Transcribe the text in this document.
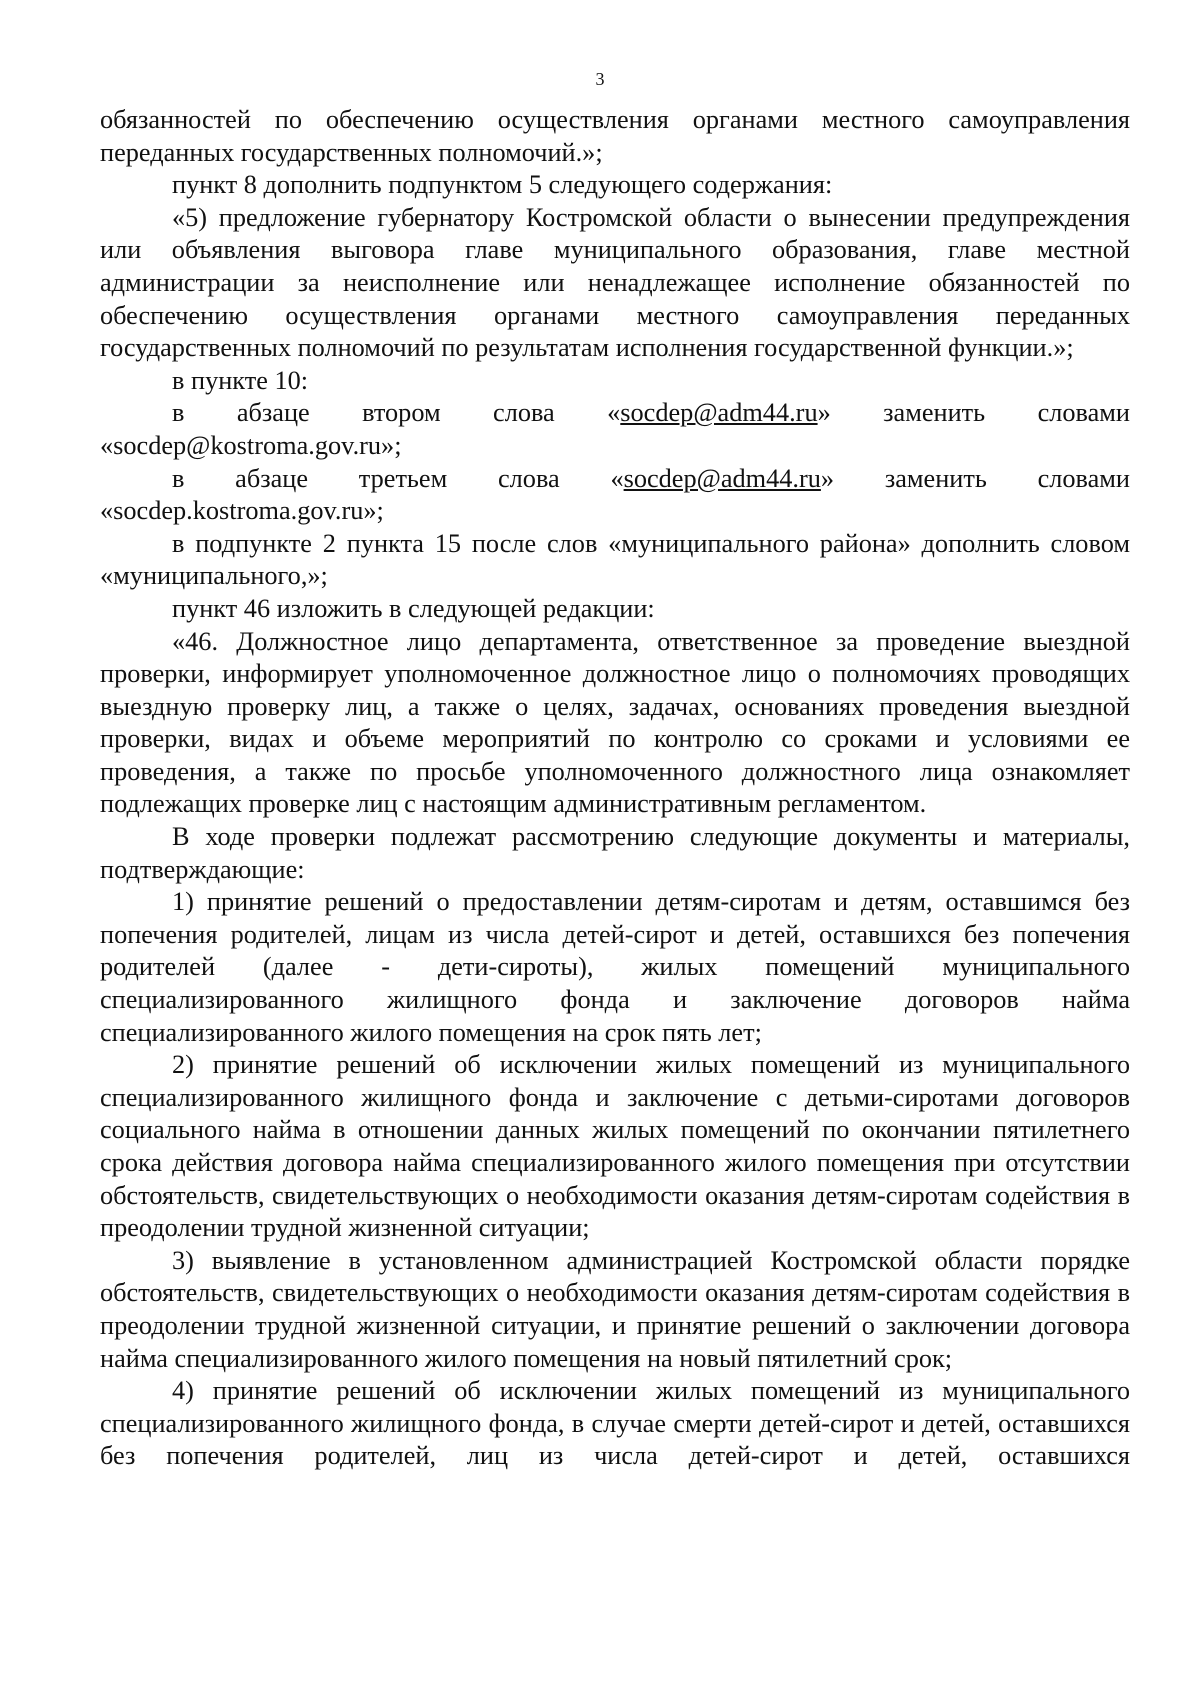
3

обязанностей по обеспечению осуществления органами местного самоуправления переданных государственных полномочий.»;

пункт 8 дополнить подпунктом 5 следующего содержания:

«5) предложение губернатору Костромской области о вынесении предупреждения или объявления выговора главе муниципального образования, главе местной администрации за неисполнение или ненадлежащее исполнение обязанностей по обеспечению осуществления органами местного самоуправления переданных государственных полномочий по результатам исполнения государственной функции.»;

в пункте 10:

в абзаце втором слова «socdep@adm44.ru» заменить словами «socdep@kostroma.gov.ru»;

в абзаце третьем слова «socdep@adm44.ru» заменить словами «socdep.kostroma.gov.ru»;

в подпункте 2 пункта 15 после слов «муниципального района» дополнить словом «муниципального,»;

пункт 46 изложить в следующей редакции:

«46. Должностное лицо департамента, ответственное за проведение выездной проверки, информирует уполномоченное должностное лицо о полномочиях проводящих выездную проверку лиц, а также о целях, задачах, основаниях проведения выездной проверки, видах и объеме мероприятий по контролю со сроками и условиями ее проведения, а также по просьбе уполномоченного должностного лица ознакомляет подлежащих проверке лиц с настоящим административным регламентом.

В ходе проверки подлежат рассмотрению следующие документы и материалы, подтверждающие:

1) принятие решений о предоставлении детям-сиротам и детям, оставшимся без попечения родителей, лицам из числа детей-сирот и детей, оставшихся без попечения родителей (далее - дети-сироты), жилых помещений муниципального специализированного жилищного фонда и заключение договоров найма специализированного жилого помещения на срок пять лет;

2) принятие решений об исключении жилых помещений из муниципального специализированного жилищного фонда и заключение с детьми-сиротами договоров социального найма в отношении данных жилых помещений по окончании пятилетнего срока действия договора найма специализированного жилого помещения при отсутствии обстоятельств, свидетельствующих о необходимости оказания детям-сиротам содействия в преодолении трудной жизненной ситуации;

3) выявление в установленном администрацией Костромской области порядке обстоятельств, свидетельствующих о необходимости оказания детям-сиротам содействия в преодолении трудной жизненной ситуации, и принятие решений о заключении договора найма специализированного жилого помещения на новый пятилетний срок;

4) принятие решений об исключении жилых помещений из муниципального специализированного жилищного фонда, в случае смерти детей-сирот и детей, оставшихся без попечения родителей, лиц из числа детей-сирот и детей, оставшихся
